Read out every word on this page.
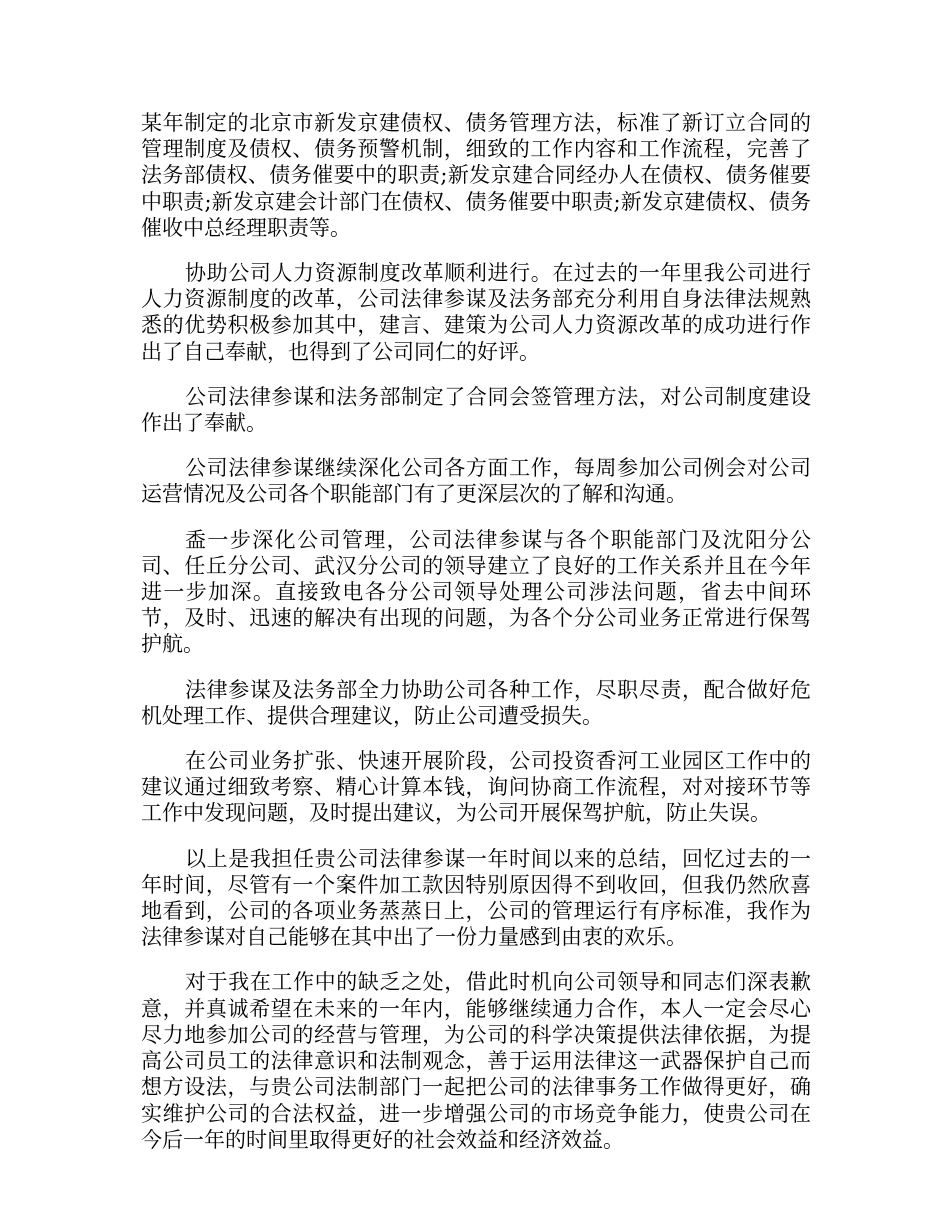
某年制定的北京市新发京建债权、债务管理方法，标准了新订立合同的管理制度及债权、债务预警机制，细致的工作内容和工作流程，完善了法务部债权、债务催要中的职责;新发京建合同经办人在债权、债务催要中职责;新发京建会计部门在债权、债务催要中职责;新发京建债权、债务催收中总经理职责等。

协助公司人力资源制度改革顺利进行。在过去的一年里我公司进行人力资源制度的改革，公司法律参谋及法务部充分利用自身法律法规熟悉的优势积极参加其中，建言、建策为公司人力资源改革的成功进行作出了自己奉献，也得到了公司同仁的好评。

公司法律参谋和法务部制定了合同会签管理方法，对公司制度建设作出了奉献。

公司法律参谋继续深化公司各方面工作，每周参加公司例会对公司运营情况及公司各个职能部门有了更深层次的了解和沟通。

盉一步深化公司管理，公司法律参谋与各个职能部门及沈阳分公司、任丘分公司、武汉分公司的领导建立了良好的工作关系并且在今年进一步加深。直接致电各分公司领导处理公司涉法问题，省去中间环节，及时、迅速的解决有出现的问题，为各个分公司业务正常进行保驾护航。

法律参谋及法务部全力协助公司各种工作，尽职尽责，配合做好危机处理工作、提供合理建议，防止公司遭受损失。

在公司业务扩张、快速开展阶段，公司投资香河工业园区工作中的建议通过细致考察、精心计算本钱，询问协商工作流程，对对接环节等工作中发现问题，及时提出建议，为公司开展保驾护航，防止失误。

以上是我担任贵公司法律参谋一年时间以来的总结，回忆过去的一年时间，尽管有一个案件加工款因特别原因得不到收回，但我仍然欣喜地看到，公司的各项业务蒸蒸日上，公司的管理运行有序标准，我作为法律参谋对自己能够在其中出了一份力量感到由衷的欢乐。

对于我在工作中的缺乏之处，借此时机向公司领导和同志们深表歉意，并真诚希望在未来的一年内，能够继续通力合作，本人一定会尽心尽力地参加公司的经营与管理，为公司的科学决策提供法律依据，为提高公司员工的法律意识和法制观念，善于运用法律这一武器保护自己而想方设法，与贵公司法制部门一起把公司的法律事务工作做得更好，确实维护公司的合法权益，进一步增强公司的市场竞争能力，使贵公司在今后一年的时间里取得更好的社会效益和经济效益。
